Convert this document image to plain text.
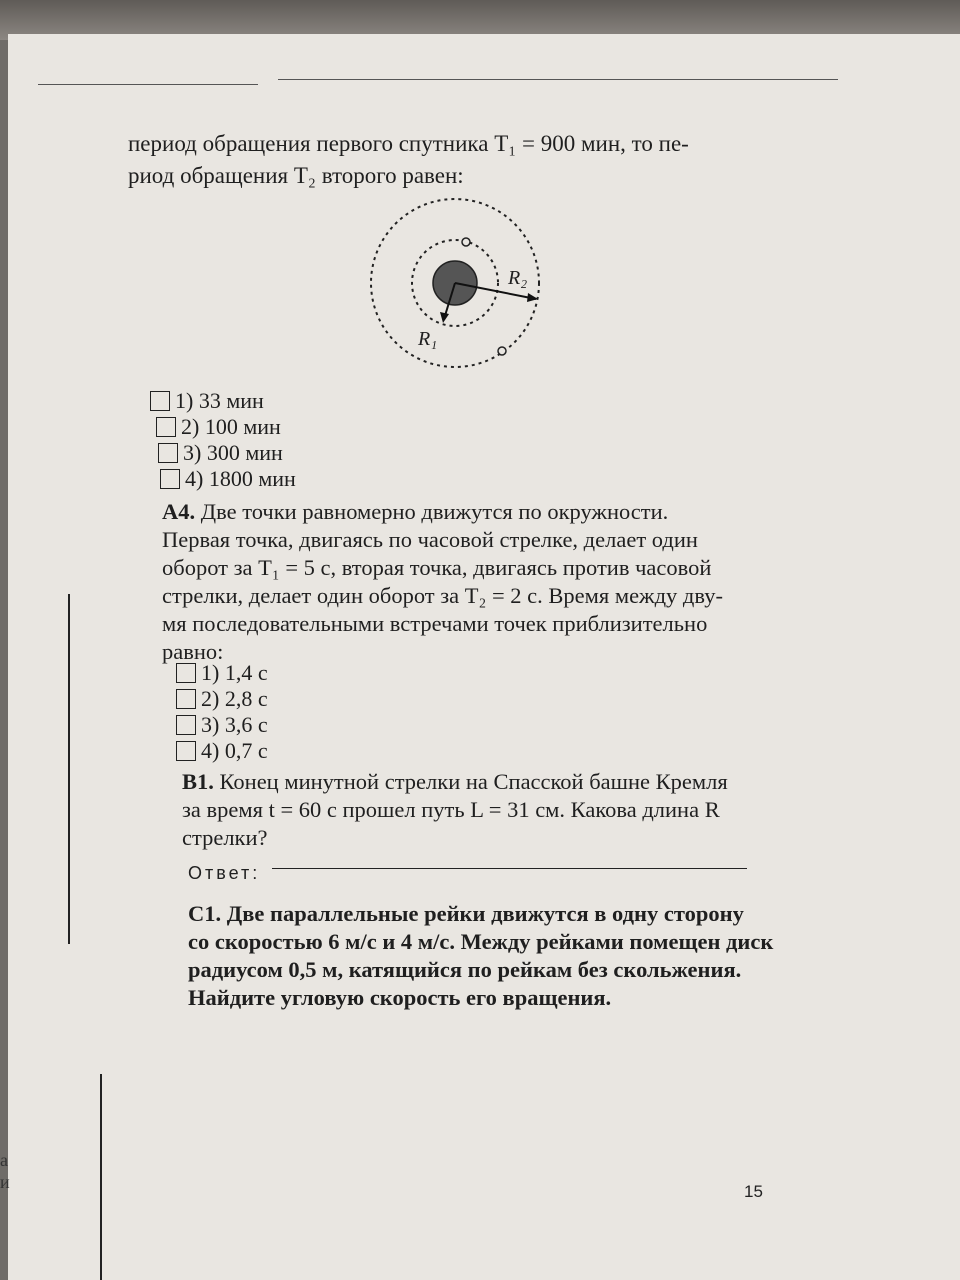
период обращения первого спутника T₁ = 900 мин, то пе-
риод обращения T₂ второго равен:
R₂
R₁
1) 33 мин
2) 100 мин
3) 300 мин
4) 1800 мин
A4. Две точки равномерно движутся по окружности.
Первая точка, двигаясь по часовой стрелке, делает один
оборот за T₁ = 5 с, вторая точка, двигаясь против часовой
стрелки, делает один оборот за T₂ = 2 с. Время между дву-
мя последовательными встречами точек приблизительно
равно:
1) 1,4 с
2) 2,8 с
3) 3,6 с
4) 0,7 с
B1. Конец минутной стрелки на Спасской башне Кремля
за время t = 60 с прошел путь L = 31 см. Какова длина R
стрелки?
Ответ:
C1. Две параллельные рейки движутся в одну сторону
со скоростью 6 м/с и 4 м/с. Между рейками помещен диск
радиусом 0,5 м, катящийся по рейкам без скольжения.
Найдите угловую скорость его вращения.
15
а
и
